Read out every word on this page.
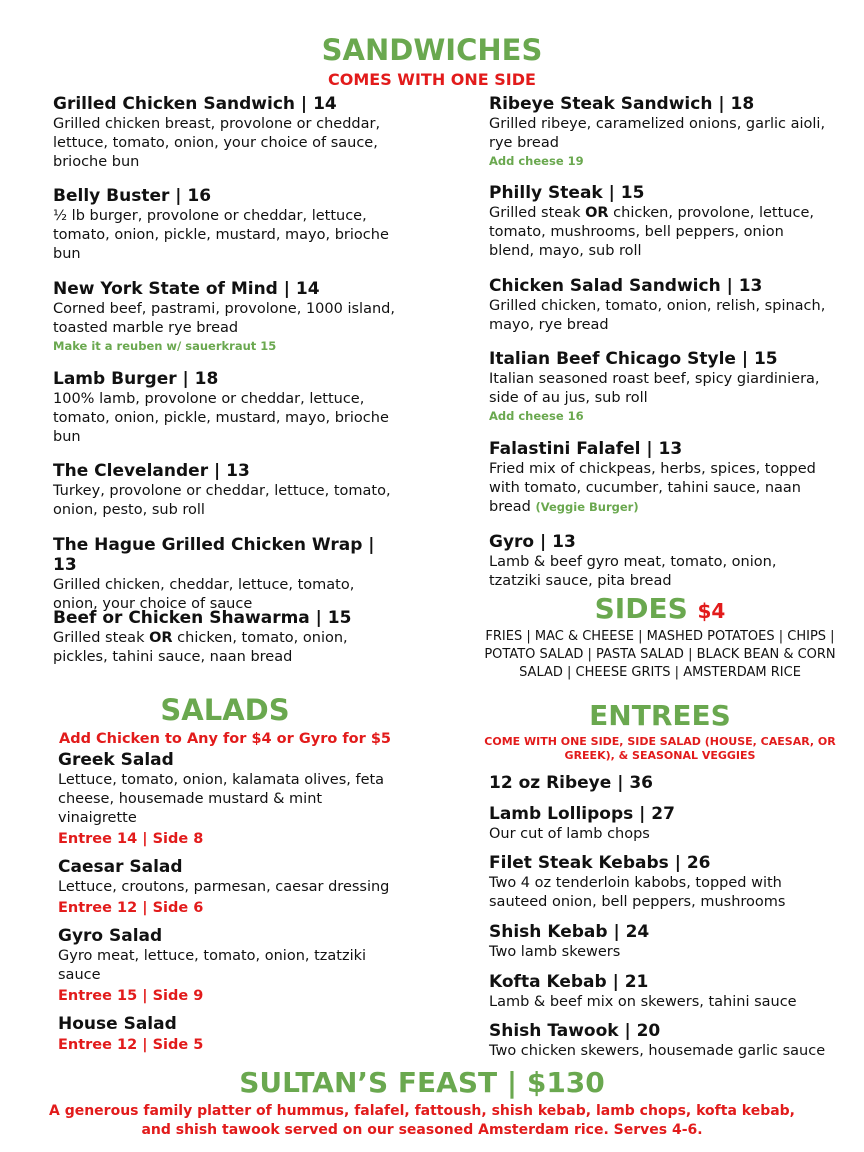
SANDWICHES
COMES WITH ONE SIDE
Grilled Chicken Sandwich | 14

Grilled chicken breast, provolone or cheddar, lettuce, tomato, onion, your choice of sauce, brioche bun

Belly Buster | 16

½ lb burger, provolone or cheddar, lettuce, tomato, onion, pickle, mustard, mayo, brioche bun

New York State of Mind | 14

Corned beef, pastrami, provolone, 1000 island, toasted marble rye bread

Make it a reuben w/ sauerkraut 15
Lamb Burger | 18

100% lamb, provolone or cheddar, lettuce, tomato, onion, pickle, mustard, mayo, brioche bun

The Clevelander | 13

Turkey, provolone or cheddar, lettuce, tomato, onion, pesto, sub roll

The Hague Grilled Chicken Wrap | 13

Grilled chicken, cheddar, lettuce, tomato, onion, your choice of sauce

Beef or Chicken Shawarma | 15

Grilled steak OR chicken, tomato, onion, pickles, tahini sauce, naan bread

Ribeye Steak Sandwich | 18

Grilled ribeye, caramelized onions, garlic aioli, rye bread

Add cheese 19
Philly Steak | 15

Grilled steak OR chicken, provolone, lettuce, tomato, mushrooms, bell peppers, onion blend, mayo, sub roll

Chicken Salad Sandwich | 13

Grilled chicken, tomato, onion, relish, spinach, mayo, rye bread

Italian Beef Chicago Style | 15

Italian seasoned roast beef, spicy giardiniera, side of au jus, sub roll

Add cheese 16
Falastini Falafel | 13

Fried mix of chickpeas, herbs, spices, topped with tomato, cucumber, tahini sauce, naan bread (Veggie Burger)

Gyro | 13

Lamb & beef gyro meat, tomato, onion, tzatziki sauce, pita bread

SIDES $4
FRIES | MAC & CHEESE | MASHED POTATOES | CHIPS | POTATO SALAD | PASTA SALAD | BLACK BEAN & CORN SALAD | CHEESE GRITS | AMSTERDAM RICE
ENTREES
COME WITH ONE SIDE, SIDE SALAD (HOUSE, CAESAR, OR GREEK), & SEASONAL VEGGIES
12 oz Ribeye | 36
Lamb Lollipops | 27

Our cut of lamb chops

Filet Steak Kebabs | 26

Two 4 oz tenderloin kabobs, topped with sauteed onion, bell peppers, mushrooms

Shish Kebab | 24

Two lamb skewers

Kofta Kebab | 21

Lamb & beef mix on skewers, tahini sauce

Shish Tawook | 20

Two chicken skewers, housemade garlic sauce

SALADS
Add Chicken to Any for $4 or Gyro for $5
Greek Salad

Lettuce, tomato, onion, kalamata olives, feta cheese, housemade mustard & mint vinaigrette

Entree 14 | Side 8
Caesar Salad

Lettuce, croutons, parmesan, caesar dressing

Entree 12 | Side 6
Gyro Salad

Gyro meat, lettuce, tomato, onion, tzatziki sauce

Entree 15 | Side 9
House Salad
Entree 12 | Side 5
SULTAN’S FEAST | $130
A generous family platter of hummus, falafel, fattoush, shish kebab, lamb chops, kofta kebab, and shish tawook served on our seasoned Amsterdam rice. Serves 4-6.
